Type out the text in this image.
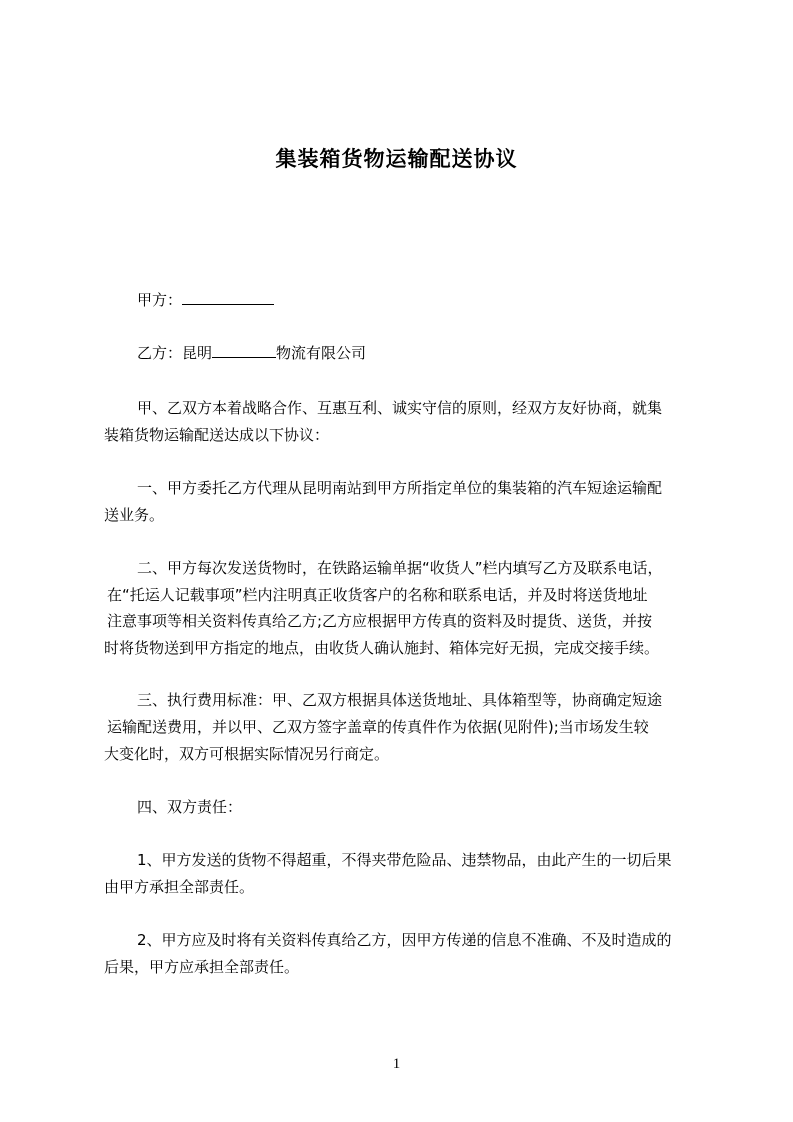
集装箱货物运输配送协议
甲方：
乙方：昆明	物流有限公司
甲、乙双方本着战略合作、互惠互利、诚实守信的原则，经双方友好协商，就集
装箱货物运输配送达成以下协议：
一、甲方委托乙方代理从昆明南站到甲方所指定单位的集装箱的汽车短途运输配
送业务。
二、甲方每次发送货物时，在铁路运输单据“收货人”栏内填写乙方及联系电话，
在“托运人记载事项”栏内注明真正收货客户的名称和联系电话，并及时将送货地址
注意事项等相关资料传真给乙方;乙方应根据甲方传真的资料及时提货、送货，并按
时将货物送到甲方指定的地点，由收货人确认施封、箱体完好无损，完成交接手续。
三、执行费用标准：甲、乙双方根据具体送货地址、具体箱型等，协商确定短途
运输配送费用，并以甲、乙双方签字盖章的传真件作为依据(见附件);当市场发生较
大变化时，双方可根据实际情况另行商定。
四、双方责任：
1、甲方发送的货物不得超重，不得夹带危险品、违禁物品，由此产生的一切后果
由甲方承担全部责任。
2、甲方应及时将有关资料传真给乙方，因甲方传递的信息不准确、不及时造成的
后果，甲方应承担全部责任。
1
